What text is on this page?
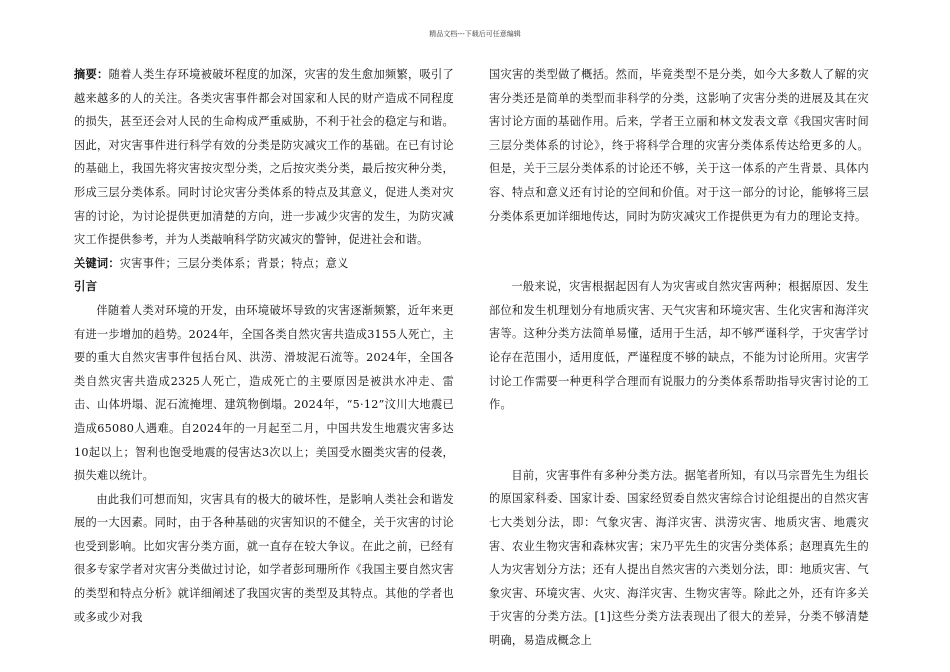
精品文档---下载后可任意编辑

摘要：随着人类生存环境被破坏程度的加深，灾害的发生愈加频繁，吸引了越来越多的人的关注。各类灾害事件都会对国家和人民的财产造成不同程度的损失，甚至还会对人民的生命构成严重威胁，不利于社会的稳定与和谐。因此，对灾害事件进行科学有效的分类是防灾减灾工作的基础。在已有讨论的基础上，我国先将灾害按灾型分类，之后按灾类分类，最后按灾种分类，形成三层分类体系。同时讨论灾害分类体系的特点及其意义，促进人类对灾害的讨论，为讨论提供更加清楚的方向，进一步减少灾害的发生，为防灾减灾工作提供参考，并为人类敲响科学防灾减灾的警钟，促进社会和谐。

关键词：灾害事件；三层分类体系；背景；特点；意义

引言

伴随着人类对环境的开发，由环境破坏导致的灾害逐渐频繁，近年来更有进一步增加的趋势。2024年，全国各类自然灾害共造成3155人死亡，主要的重大自然灾害事件包括台风、洪涝、滑坡泥石流等。2024年，全国各类自然灾害共造成2325人死亡，造成死亡的主要原因是被洪水冲走、雷击、山体坍塌、泥石流掩埋、建筑物倒塌。2024年，“5·12”汶川大地震已造成65080人遇难。自2024年的一月起至二月，中国共发生地震灾害多达10起以上；智利也饱受地震的侵害达3次以上；美国受水圈类灾害的侵袭，损失难以统计。

由此我们可想而知，灾害具有的极大的破坏性，是影响人类社会和谐发展的一大因素。同时，由于各种基础的灾害知识的不健全，关于灾害的讨论也受到影响。比如灾害分类方面，就一直存在较大争议。在此之前，已经有很多专家学者对灾害分类做过讨论，如学者彭珂珊所作《我国主要自然灾害的类型和特点分析》就详细阐述了我国灾害的类型及其特点。其他的学者也或多或少对我

国灾害的类型做了概括。然而，毕竟类型不是分类，如今大多数人了解的灾害分类还是简单的类型而非科学的分类，这影响了灾害分类的进展及其在灾害讨论方面的基础作用。后来，学者王立丽和林文发表文章《我国灾害时间三层分类体系的讨论》，终于将科学合理的灾害分类体系传达给更多的人。但是，关于三层分类体系的讨论还不够，关于这一体系的产生背景、具体内容、特点和意义还有讨论的空间和价值。对于这一部分的讨论，能够将三层分类体系更加详细地传达，同时为防灾减灾工作提供更为有力的理论支持。

一般来说，灾害根据起因有人为灾害或自然灾害两种；根据原因、发生部位和发生机理划分有地质灾害、天气灾害和环境灾害、生化灾害和海洋灾害等。这种分类方法简单易懂，适用于生活，却不够严谨科学，于灾害学讨论存在范围小，适用度低，严谨程度不够的缺点，不能为讨论所用。灾害学讨论工作需要一种更科学合理而有说服力的分类体系帮助指导灾害讨论的工作。

目前，灾害事件有多种分类方法。据笔者所知，有以马宗晋先生为组长的原国家科委、国家计委、国家经贸委自然灾害综合讨论组提出的自然灾害七大类划分法，即：气象灾害、海洋灾害、洪涝灾害、地质灾害、地震灾害、农业生物灾害和森林灾害；宋乃平先生的灾害分类体系；赵理真先生的人为灾害划分方法；还有人提出自然灾害的六类划分法，即：地质灾害、气象灾害、环境灾害、火灾、海洋灾害、生物灾害等。除此之外，还有许多关于灾害的分类方法。[1]这些分类方法表现出了很大的差异，分类不够清楚明确，易造成概念上
